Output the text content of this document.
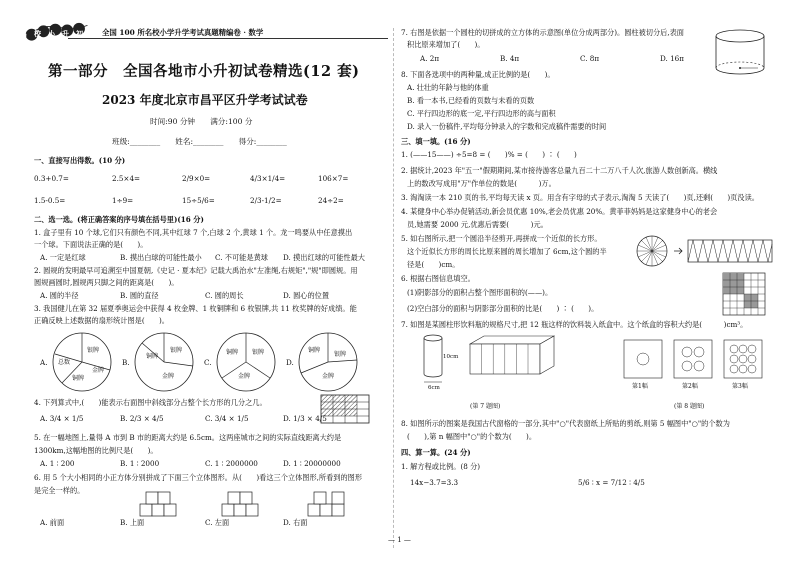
名校小升初 全国 100 所名校小学升学考试真题精编卷 · 数学
第一部分　全国各地市小升初试卷精选(12 套)
2023 年度北京市昌平区升学考试试卷
时间:90 分钟　　满分:100 分
班级:________　　姓名:________　　得分:________
一、直接写出得数。(10 分)
0.3+0.7=	2.5×4=	2/9×0=	4/3×1/4=	106×7=
1.5-0.5=	1÷9=	15÷5/6=	2/3-1/2=	24÷2=
二、选一选。(将正确答案的序号填在括号里)(16 分)
1. 盒子里有 10 个球,它们只有颜色不同,其中红球 7 个,白球 2 个,黄球 1 个。龙一鸣要从中任意摸出
一个球。下面说法正确的是(　　)。
A. 一定是红球	B. 摸出白球的可能性最小 C. 不可能是黄球 D. 摸出红球的可能性最大
2. 圆规的发明最早可追溯至中国夏朝,《史记 · 夏本纪》记载大禹治水"左准绳,右规矩","规"即圆规。用
圆规画圆时,圆规两只脚之间的距离是(　　)。
A. 圆的半径	B. 圆的直径	C. 圆的周长	D. 圆心的位置
3. 我国健儿在第 32 届夏季奥运会中获得 4 枚金牌、1 枚铜牌和 6 枚银牌,共 11 枚奖牌的好成绩。能
正确反映上述数据的扇形统计图是(　　)。
A. 总数
银牌
金牌
铜牌
B.
铜牌
银牌
金牌
C.
铜牌 银牌
金牌
D.
铜牌
银牌
金牌
4. 下列算式中,(　　)能表示右面图中斜线部分占整个长方形的几分之几。
A. 3/4 × 1/5	B. 2/3 × 4/5	C. 3/4 × 1/5	D. 1/3 × 4/5
5. 在一幅地图上,量得 A 市到 B 市的距离大约是 6.5cm。这两座城市之间的实际直线距离大约是
1300km,这幅地图的比例尺是(　　)。
A. 1 ∶ 200	B. 1 ∶ 2000	C. 1 ∶ 2000000	D. 1 ∶ 20000000
6. 用 5 个大小相同的小正方体分别拼成了下面三个立体图形。从(　　)看这三个立体图形,所看到的图形
是完全一样的。
A. 前面	B. 上面	C. 左面	D. 右面
7. 右图是依据一个圆柱的切拼成的立方体的示意图(单位分成两部分)。圆柱被切分后,表面
积比原来增加了(　　)。
A. 2π	B. 4π	C. 8π	D. 16π
8. 下面各选项中的两种量,成正比例的是(　　)。
A. 壮壮的年龄与他的体重
B. 看一本书,已经看的页数与未看的页数
C. 平行四边形的底一定,平行四边形的高与面积
D. 录入一份稿件,平均每分钟录入的字数和完成稿件需要的时间
三、填一填。(16 分)
1. (——15——) ÷5=8 = (　　)% = (　　) ∶ (　　)
2. 据统计,2023 年"五一"假期期间,某市接待游客总量九百二十二万八千人次,旅游人数创新高。横线
上的数改写成用"万"作单位的数是(　　　)万。
3. 淘淘读一本 210 页的书,平均每天读 x 页。用含有字母的式子表示,淘淘 5 天读了(　　)页,还剩(　　)页没读。
4. 某健身中心举办促销活动,新会员优惠 10%,老会员优惠 20%。黄菲菲妈妈是这家健身中心的老会
员,她需要 2000 元,优惠后需要(　　　)元。
5. 如右图所示,把一个圆沿半径剪开,再拼成一个近似的长方形。
这个近似长方形的周长比原来圆的周长增加了 6cm,这个圆的半
径是(　　)cm。
6. 根据右图信息填空。
(1)阴影部分的面积占整个图形面积的(——)。
(2)空白部分的面积与阴影部分面积的比是(　　) ∶ (　　)。
7. 如图是某圆柱形饮料瓶的规格尺寸,把 12 瓶这样的饮料装入纸盒中。这个纸盒的容积大约是(　　　)cm³。
10cm
6cm
(第 7 题图)
第1幅	第2幅	第3幅
(第 8 题图)
8. 如图所示的图案是我国古代窗格的一部分,其中"○"代表窗纸上所贴的剪纸,则第 5 幅图中"○"的个数为
(　　),第 n 幅图中"○"的个数为(　　)。
四、算一算。(24 分)
1. 解方程或比例。(8 分)
14x−3.7=3.3	5/6 ∶ x = 7/12 ∶ 4/5
— 1 —
